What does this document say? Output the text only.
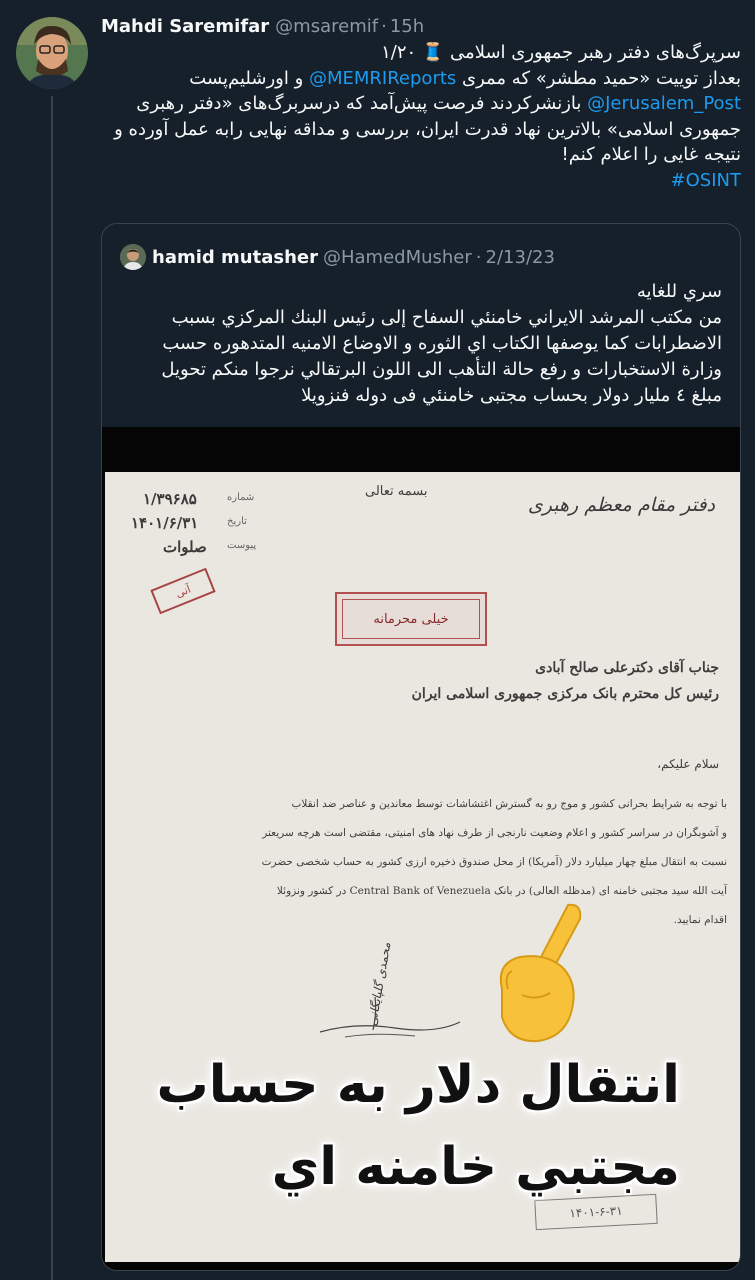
Mahdi Saremifar @msaremif · 15h
سرپرگ‌های دفتر رهبر جمهوری اسلامی 🧵 ۱/۲۰
بعداز توییت «حمید مطشر» که ممری @MEMRIReports و اورشلیم‌پست
@Jerusalem_Post بازنشرکردند فرصت پیش‌آمد که درسربرگ‌های «دفتر رهبری
جمهوری اسلامی» بالاترین نهاد قدرت ایران، بررسی و مداقه نهایی رابه عمل آورده و
نتیجه غایی را اعلام کنم!
#OSINT
hamid mutasher @HamedMusher · 2/13/23
سري للغايه
من مكتب المرشد الايراني خامنئي السفاح إلى رئيس البنك المركزي بسبب
الاضطرابات كما يوصفها الكتاب اي الثوره و الاوضاع الامنيه المتدهوره حسب
وزارة الاستخبارات و رفع حالة التأهب الى اللون البرتقالي نرجوا منكم تحويل
مبلغ ٤ مليار دولار بحساب مجتبى خامنئي فى دوله فنزويلا
دفتر مقام معظم رهبری
بسمه تعالی
۱/۳۹۶۸۵	شماره
۱۴۰۱/۶/۳۱	تاریخ
صلوات پیوست
آنی
خیلی محرمانه
جناب آقای دکترعلی صالح آبادی
رئیس کل محترم بانک مرکزی جمهوری اسلامی ایران
سلام علیکم،
با توجه به شرایط بحرانی کشور و موج رو به گسترش اغتشاشات توسط معاندین و عناصر ضد انقلاب
و آشوبگران در سراسر کشور و اعلام وضعیت نارنجی از طرف نهاد های امنیتی، مقتضی است هرچه سریعتر
نسبت به انتقال مبلغ چهار میلیارد دلار (آمریکا) از محل صندوق ذخیره ارزی کشور به حساب شخصی حضرت
آیت الله سید مجتبی خامنه ای (مدظله العالی) در بانک Central Bank of Venezuela در کشور ونزوئلا
اقدام نمایید.
محمدی گلپایگانی
۱۴۰۱-۶-۳۱
انتقال دلار به حساب
مجتبي خامنه اي
